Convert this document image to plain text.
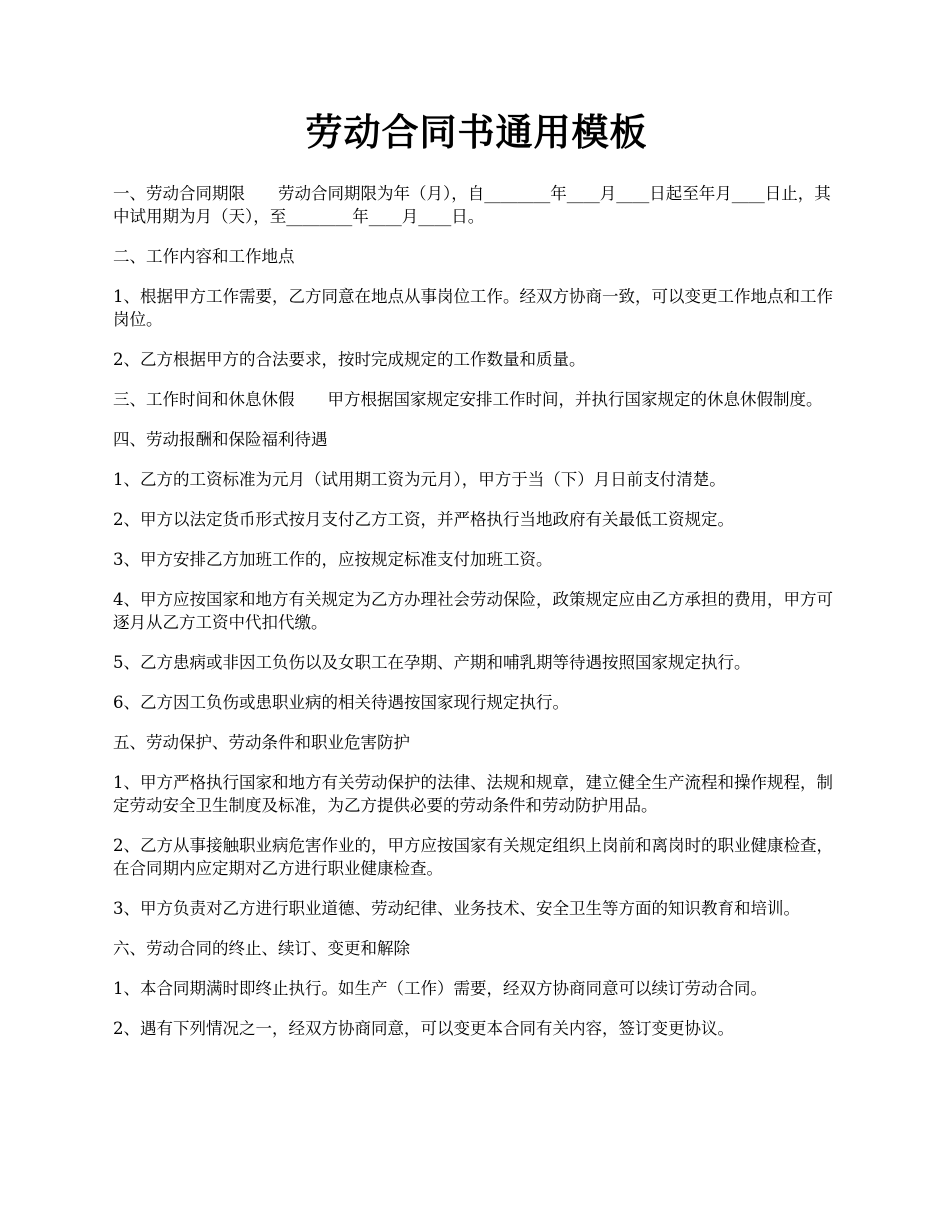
劳动合同书通用模板

一、劳动合同期限　　劳动合同期限为年（月），自________年____月____日起至年月____日止，其中试用期为月（天），至________年____月____日。

二、工作内容和工作地点

1、根据甲方工作需要，乙方同意在地点从事岗位工作。经双方协商一致，可以变更工作地点和工作岗位。

2、乙方根据甲方的合法要求，按时完成规定的工作数量和质量。

三、工作时间和休息休假　　甲方根据国家规定安排工作时间，并执行国家规定的休息休假制度。

四、劳动报酬和保险福利待遇

1、乙方的工资标准为元月（试用期工资为元月），甲方于当（下）月日前支付清楚。

2、甲方以法定货币形式按月支付乙方工资，并严格执行当地政府有关最低工资规定。

3、甲方安排乙方加班工作的，应按规定标准支付加班工资。

4、甲方应按国家和地方有关规定为乙方办理社会劳动保险，政策规定应由乙方承担的费用，甲方可逐月从乙方工资中代扣代缴。

5、乙方患病或非因工负伤以及女职工在孕期、产期和哺乳期等待遇按照国家规定执行。

6、乙方因工负伤或患职业病的相关待遇按国家现行规定执行。

五、劳动保护、劳动条件和职业危害防护

1、甲方严格执行国家和地方有关劳动保护的法律、法规和规章，建立健全生产流程和操作规程，制定劳动安全卫生制度及标准，为乙方提供必要的劳动条件和劳动防护用品。

2、乙方从事接触职业病危害作业的，甲方应按国家有关规定组织上岗前和离岗时的职业健康检查，在合同期内应定期对乙方进行职业健康检查。

3、甲方负责对乙方进行职业道德、劳动纪律、业务技术、安全卫生等方面的知识教育和培训。

六、劳动合同的终止、续订、变更和解除

1、本合同期满时即终止执行。如生产（工作）需要，经双方协商同意可以续订劳动合同。

2、遇有下列情况之一，经双方协商同意，可以变更本合同有关内容，签订变更协议。
